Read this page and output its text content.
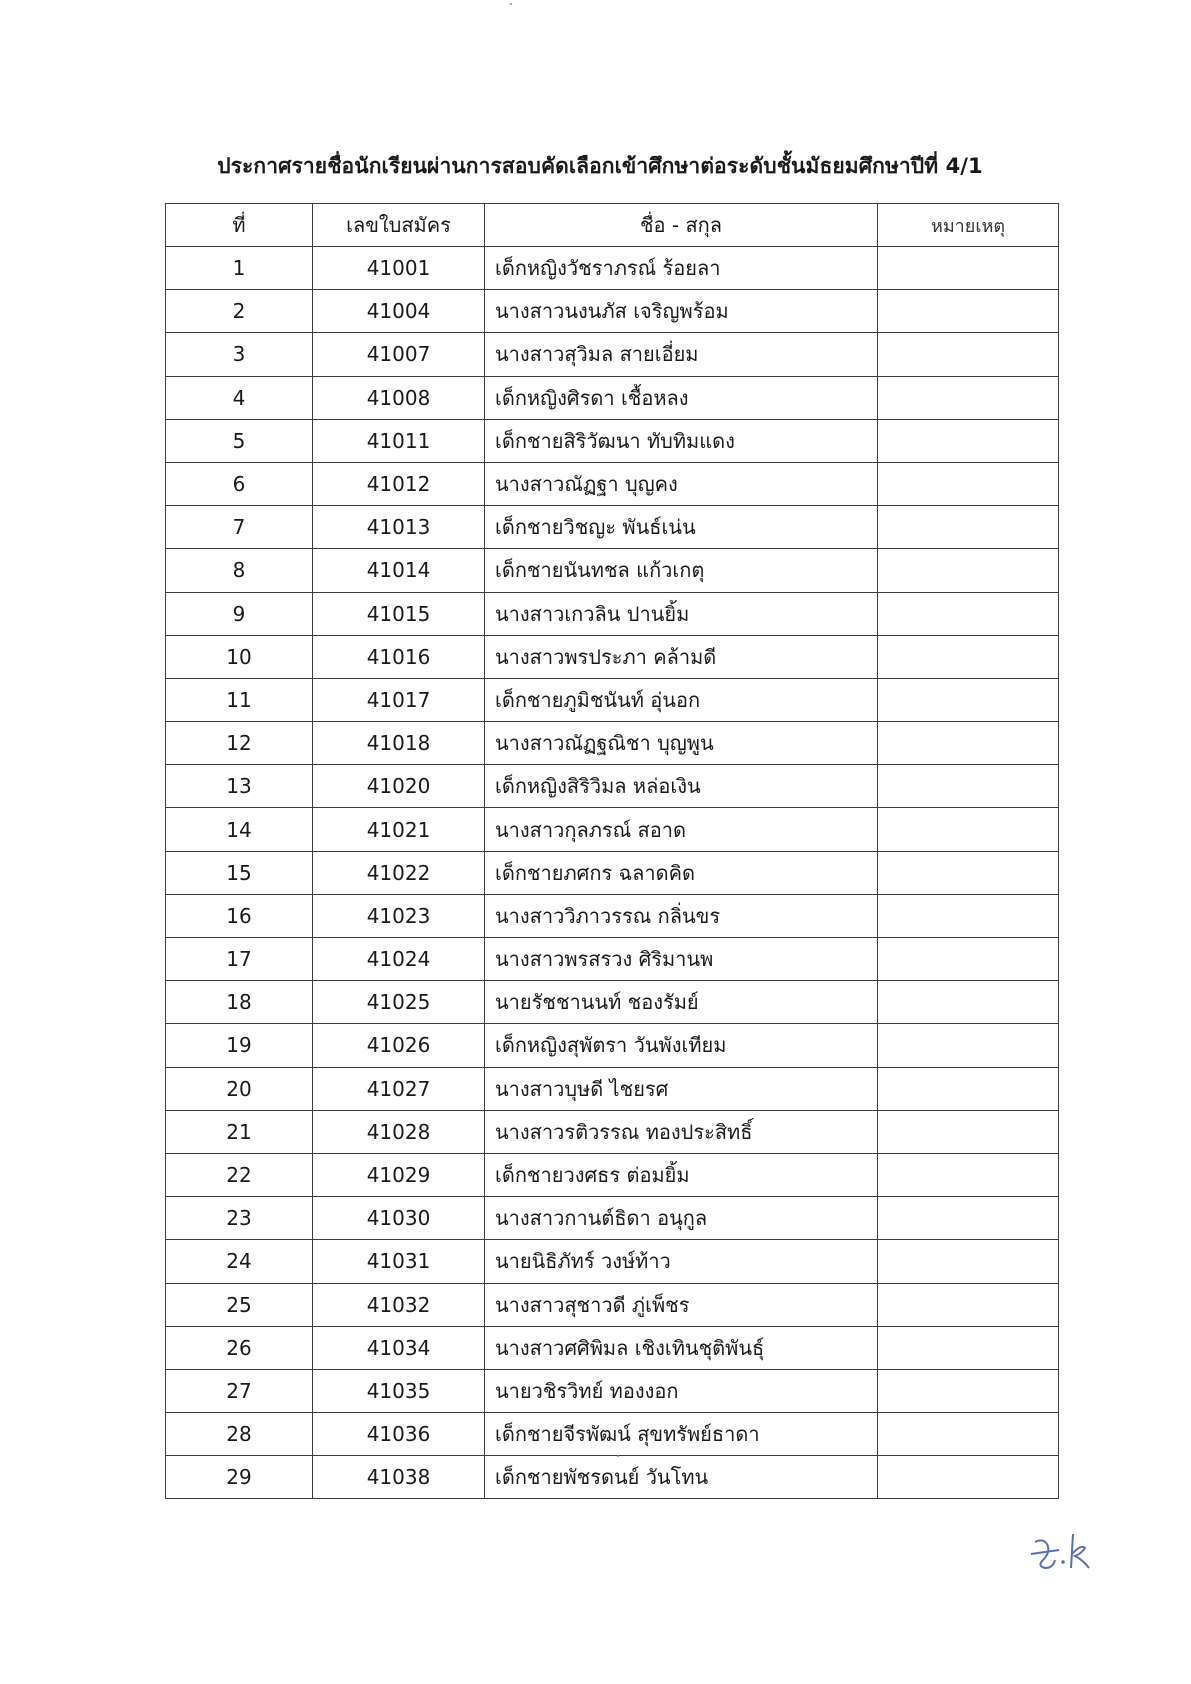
ประกาศรายชื่อนักเรียนผ่านการสอบคัดเลือกเข้าศึกษาต่อระดับชั้นมัธยมศึกษาปีที่ 4/1
ที่	เลขใบสมัคร	ชื่อ - สกุล	หมายเหตุ
1	41001	เด็กหญิงวัชราภรณ์ ร้อยลา	
2	41004	นางสาวนงนภัส เจริญพร้อม	
3	41007	นางสาวสุวิมล สายเอี่ยม	
4	41008	เด็กหญิงศิรดา เชื้อหลง	
5	41011	เด็กชายสิริวัฒนา ทับทิมแดง	
6	41012	นางสาวณัฏฐา บุญคง	
7	41013	เด็กชายวิชญะ พันธ์เน่น	
8	41014	เด็กชายนันทชล แก้วเกตุ	
9	41015	นางสาวเกวลิน ปานยิ้ม	
10	41016	นางสาวพรประภา คล้ามดี	
11	41017	เด็กชายภูมิชนันท์ อุ่นอก	
12	41018	นางสาวณัฏฐณิชา บุญพูน	
13	41020	เด็กหญิงสิริวิมล หล่อเงิน	
14	41021	นางสาวกุลภรณ์ สอาด	
15	41022	เด็กชายภศกร ฉลาดคิด	
16	41023	นางสาววิภาวรรณ กลิ่นขร	
17	41024	นางสาวพรสรวง ศิริมานพ	
18	41025	นายรัชชานนท์ ชองรัมย์	
19	41026	เด็กหญิงสุพัตรา วันพังเทียม	
20	41027	นางสาวบุษดี ไชยรศ	
21	41028	นางสาวรติวรรณ ทองประสิทธิ์	
22	41029	เด็กชายวงศธร ต่อมยิ้ม	
23	41030	นางสาวกานต์ธิดา อนุกูล	
24	41031	นายนิธิภัทร์ วงษ์ท้าว	
25	41032	นางสาวสุชาวดี ภู่เพ็ชร	
26	41034	นางสาวศศิพิมล เชิงเทินชุติพันธุ์	
27	41035	นายวชิรวิทย์ ทองงอก	
28	41036	เด็กชายจีรพัฒน์ สุขทรัพย์ธาดา	
29	41038	เด็กชายพัชรดนย์ วันโทน	
